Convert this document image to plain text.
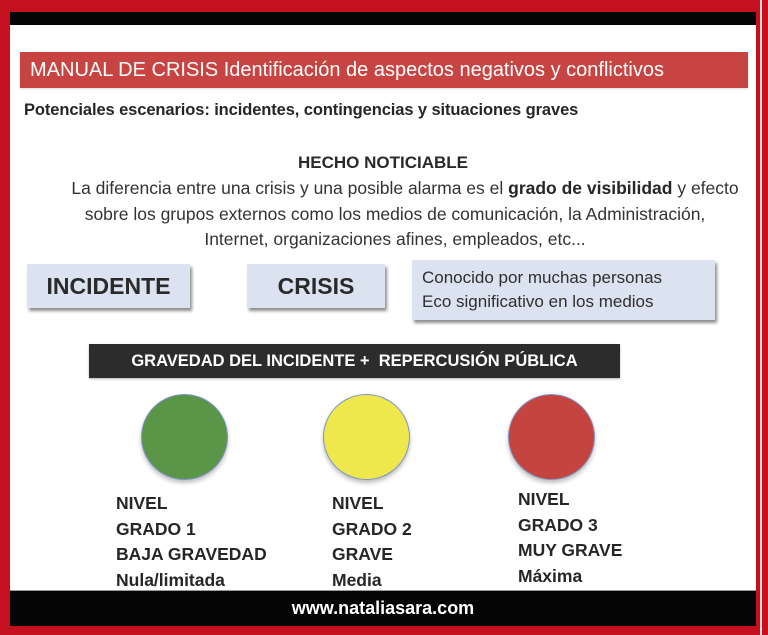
MANUAL DE CRISIS Identificación de aspectos negativos y conflictivos
Potenciales escenarios: incidentes, contingencias y situaciones graves
HECHO NOTICIABLE
La diferencia entre una crisis y una posible alarma es el grado de visibilidad y efecto
sobre los grupos externos como los medios de comunicación, la Administración,
Internet, organizaciones afines, empleados, etc...
INCIDENTE	CRISIS	Conocido por muchas personas
Eco significativo en los medios
GRAVEDAD DEL INCIDENTE +  REPERCUSIÓN PÚBLICA
NIVEL
GRADO 1
BAJA GRAVEDAD
Nula/limitada
NIVEL
GRADO 2
GRAVE
Media
NIVEL
GRADO 3
MUY GRAVE
Máxima
www.nataliasara.com
